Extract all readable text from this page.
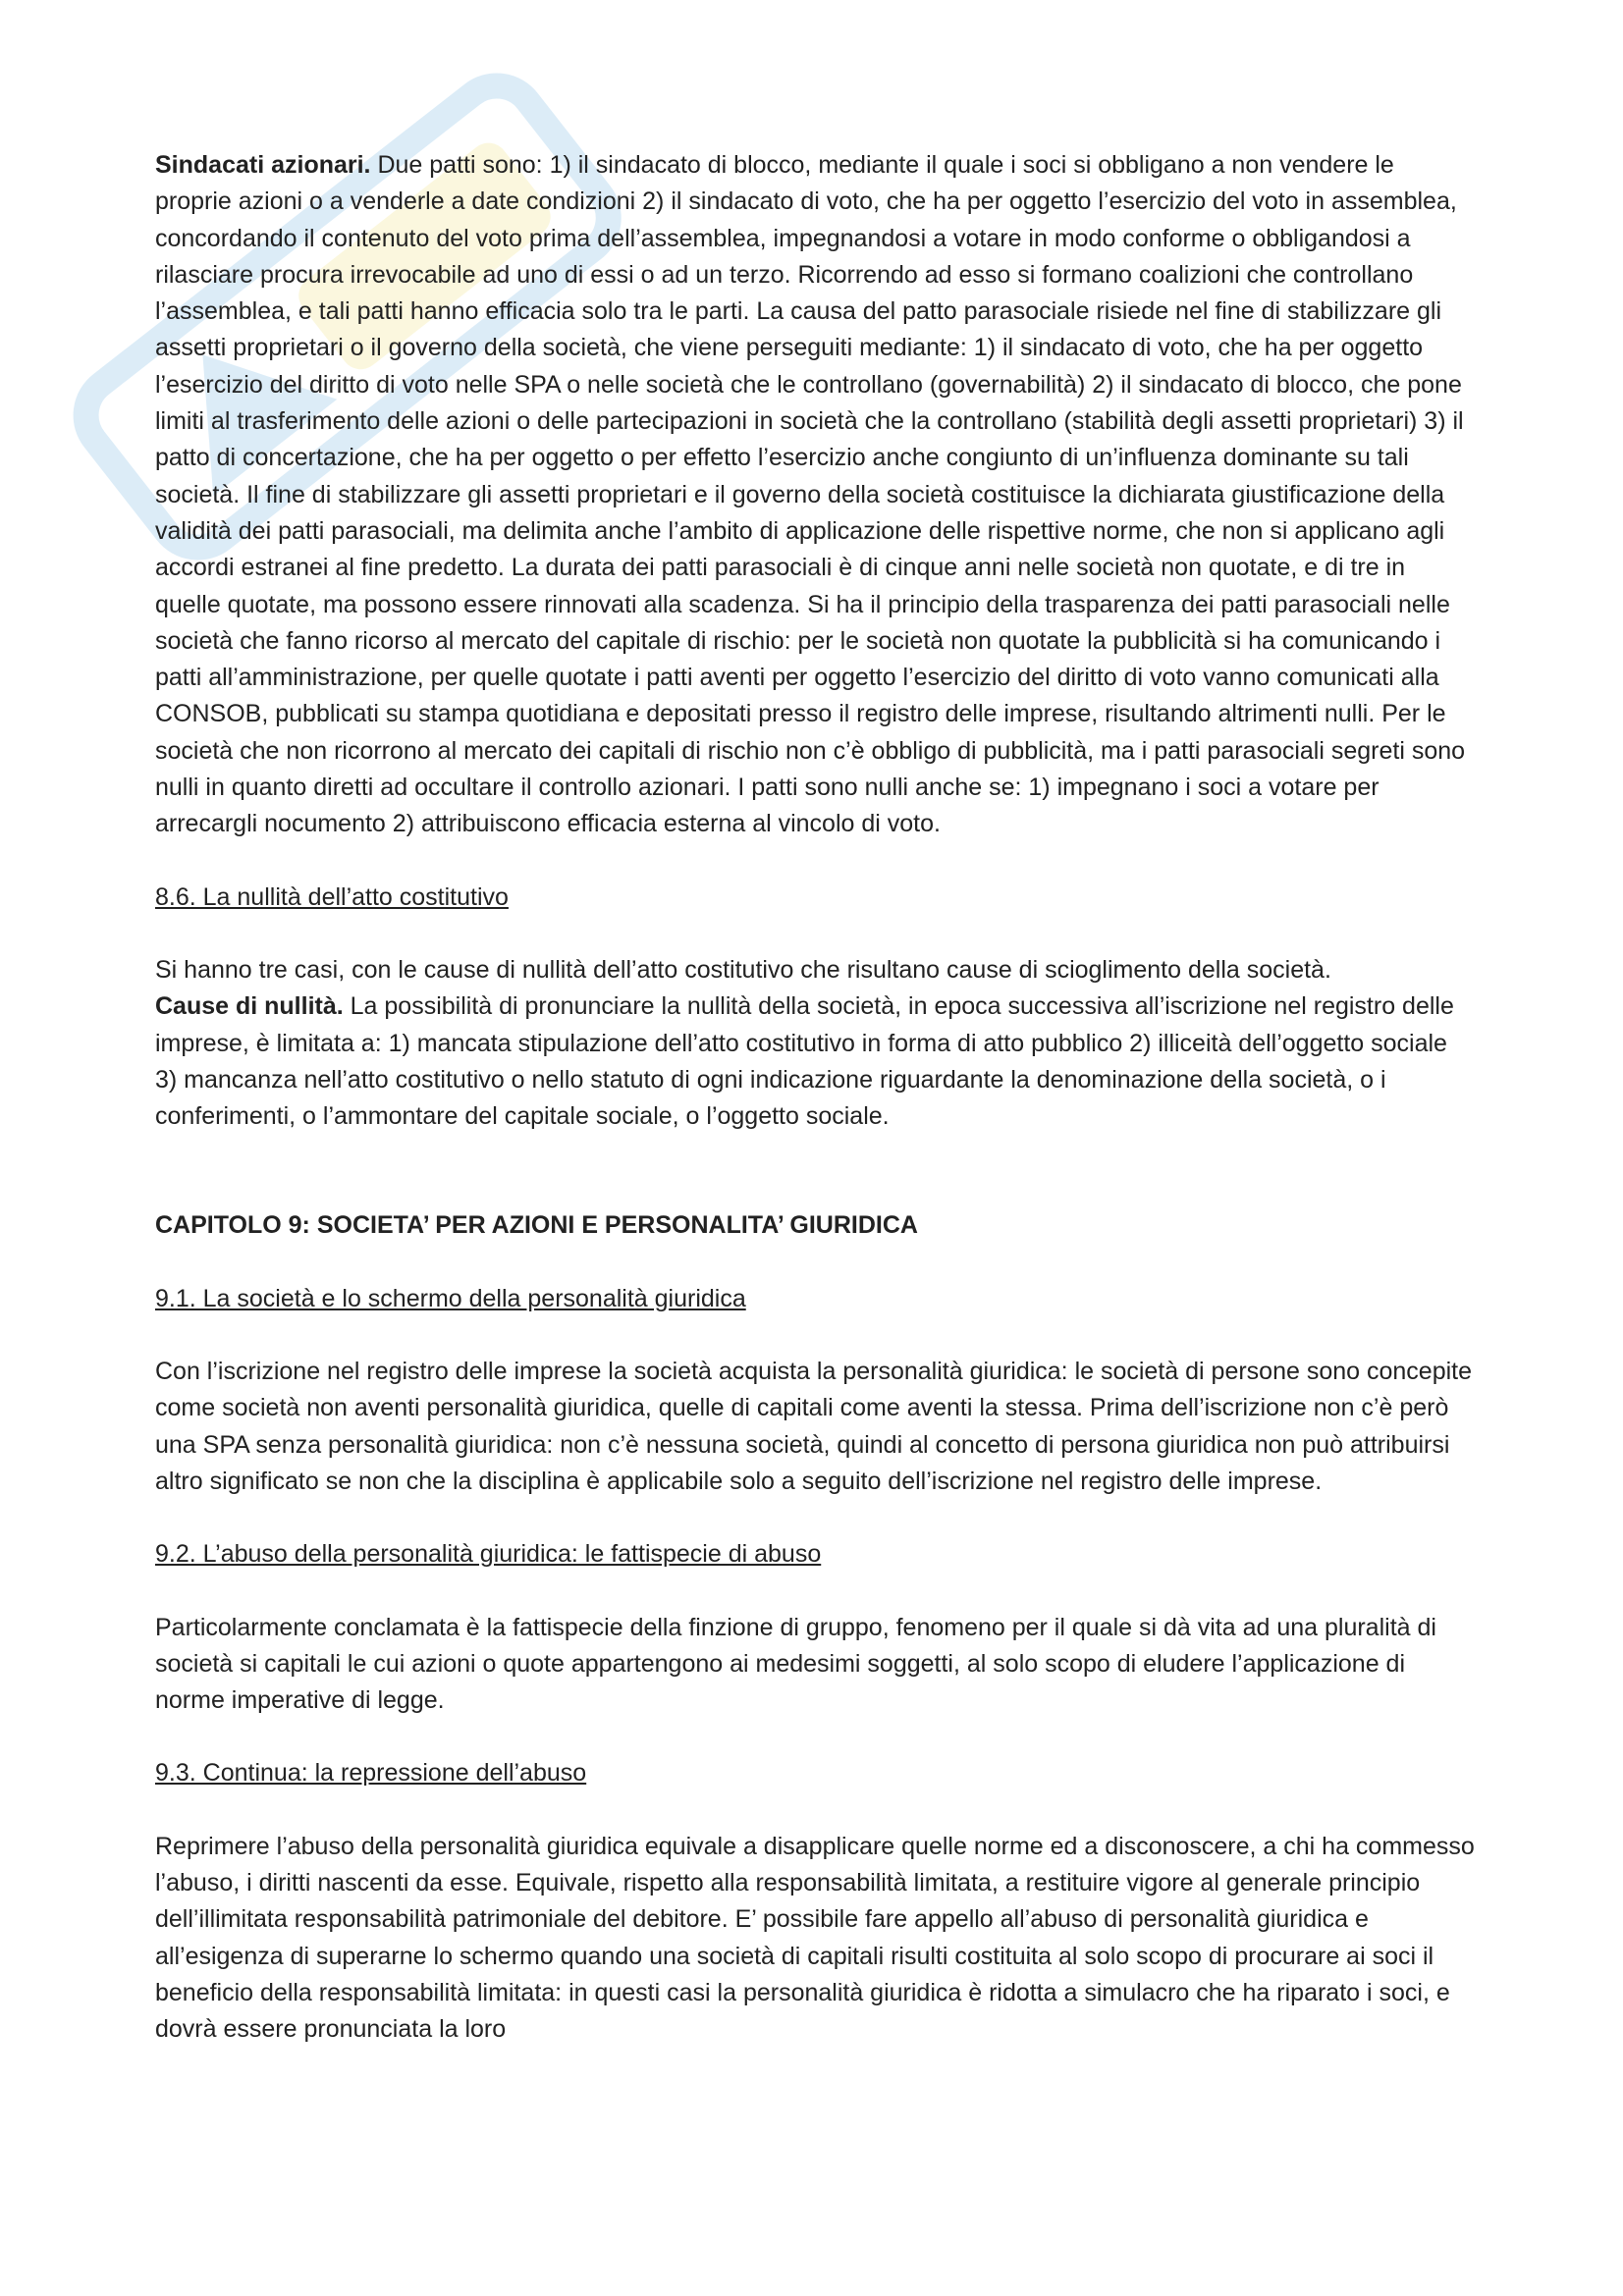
Sindacati azionari. Due patti sono: 1) il sindacato di blocco, mediante il quale i soci si obbligano a non vendere le proprie azioni o a venderle a date condizioni 2) il sindacato di voto, che ha per oggetto l’esercizio del voto in assemblea, concordando il contenuto del voto prima dell’assemblea, impegnandosi a votare in modo conforme o obbligandosi a rilasciare procura irrevocabile ad uno di essi o ad un terzo. Ricorrendo ad esso si formano coalizioni che controllano l’assemblea, e tali patti hanno efficacia solo tra le parti. La causa del patto parasociale risiede nel fine di stabilizzare gli assetti proprietari o il governo della società, che viene perseguiti mediante: 1) il sindacato di voto, che ha per oggetto l’esercizio del diritto di voto nelle SPA o nelle società che le controllano (governabilità) 2) il sindacato di blocco, che pone limiti al trasferimento delle azioni o delle partecipazioni in società che la controllano (stabilità degli assetti proprietari) 3) il patto di concertazione, che ha per oggetto o per effetto l’esercizio anche congiunto di un’influenza dominante su tali società. Il fine di stabilizzare gli assetti proprietari e il governo della società costituisce la dichiarata giustificazione della validità dei patti parasociali, ma delimita anche l’ambito di applicazione delle rispettive norme, che non si applicano agli accordi estranei al fine predetto. La durata dei patti parasociali è di cinque anni nelle società non quotate, e di tre in quelle quotate, ma possono essere rinnovati alla scadenza. Si ha il principio della trasparenza dei patti parasociali nelle società che fanno ricorso al mercato del capitale di rischio: per le società non quotate la pubblicità si ha comunicando i patti all’amministrazione, per quelle quotate i patti aventi per oggetto l’esercizio del diritto di voto vanno comunicati alla CONSOB, pubblicati su stampa quotidiana e depositati presso il registro delle imprese, risultando altrimenti nulli. Per le società che non ricorrono al mercato dei capitali di rischio non c’è obbligo di pubblicità, ma i patti parasociali segreti sono nulli in quanto diretti ad occultare il controllo azionari. I patti sono nulli anche se: 1) impegnano i soci a votare per arrecargli nocumento 2) attribuiscono efficacia esterna al vincolo di voto.

8.6. La nullità dell’atto costitutivo

Si hanno tre casi, con le cause di nullità dell’atto costitutivo che risultano cause di scioglimento della società.

Cause di nullità. La possibilità di pronunciare la nullità della società, in epoca successiva all’iscrizione nel registro delle imprese, è limitata a: 1) mancata stipulazione dell’atto costitutivo in forma di atto pubblico 2) illiceità dell’oggetto sociale 3) mancanza nell’atto costitutivo o nello statuto di ogni indicazione riguardante la denominazione della società, o i conferimenti, o l’ammontare del capitale sociale, o l’oggetto sociale.

CAPITOLO 9: SOCIETA’ PER AZIONI E PERSONALITA’ GIURIDICA

9.1. La società e lo schermo della personalità giuridica

Con l’iscrizione nel registro delle imprese la società acquista la personalità giuridica: le società di persone sono concepite come società non aventi personalità giuridica, quelle di capitali come aventi la stessa. Prima dell’iscrizione non c’è però una SPA senza personalità giuridica: non c’è nessuna società, quindi al concetto di persona giuridica non può attribuirsi altro significato se non che la disciplina è applicabile solo a seguito dell’iscrizione nel registro delle imprese.

9.2. L’abuso della personalità giuridica: le fattispecie di abuso

Particolarmente conclamata è la fattispecie della finzione di gruppo, fenomeno per il quale si dà vita ad una pluralità di società si capitali le cui azioni o quote appartengono ai medesimi soggetti, al solo scopo di eludere l’applicazione di norme imperative di legge.

9.3. Continua: la repressione dell’abuso

Reprimere l’abuso della personalità giuridica equivale a disapplicare quelle norme ed a disconoscere, a chi ha commesso l’abuso, i diritti nascenti da esse. Equivale, rispetto alla responsabilità limitata, a restituire vigore al generale principio dell’illimitata responsabilità patrimoniale del debitore. E’ possibile fare appello all’abuso di personalità giuridica e all’esigenza di superarne lo schermo quando una società di capitali risulti costituita al solo scopo di procurare ai soci il beneficio della responsabilità limitata: in questi casi la personalità giuridica è ridotta a simulacro che ha riparato i soci, e dovrà essere pronunciata la loro
